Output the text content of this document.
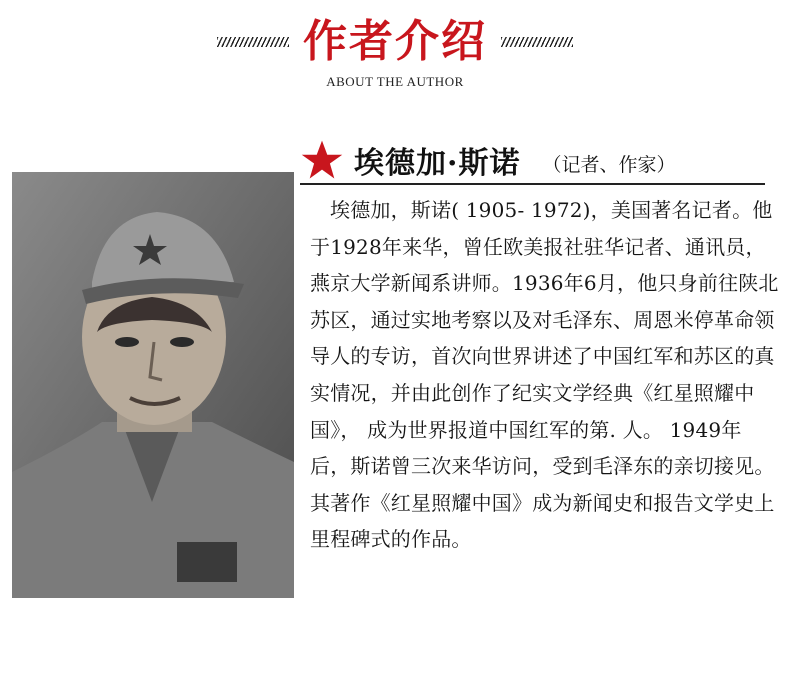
作者介绍
ABOUT THE AUTHOR
埃德加·斯诺 （记者、作家）

埃德加，斯诺( 1905- 1972)，美国著名记者。他于1928年来华，曾任欧美报社驻华记者、通讯员，燕京大学新闻系讲师。1936年6月，他只身前往陕北苏区，通过实地考察以及对毛泽东、周恩米停革命领导人的专访，首次向世界讲述了中国红军和苏区的真实情况，并由此创作了纪实文学经典《红星照耀中国》， 成为世界报道中国红军的第. 人。 1949年后，斯诺曾三次来华访问，受到毛泽东的亲切接见。其著作《红星照耀中国》成为新闻史和报告文学史上里程碑式的作品。
